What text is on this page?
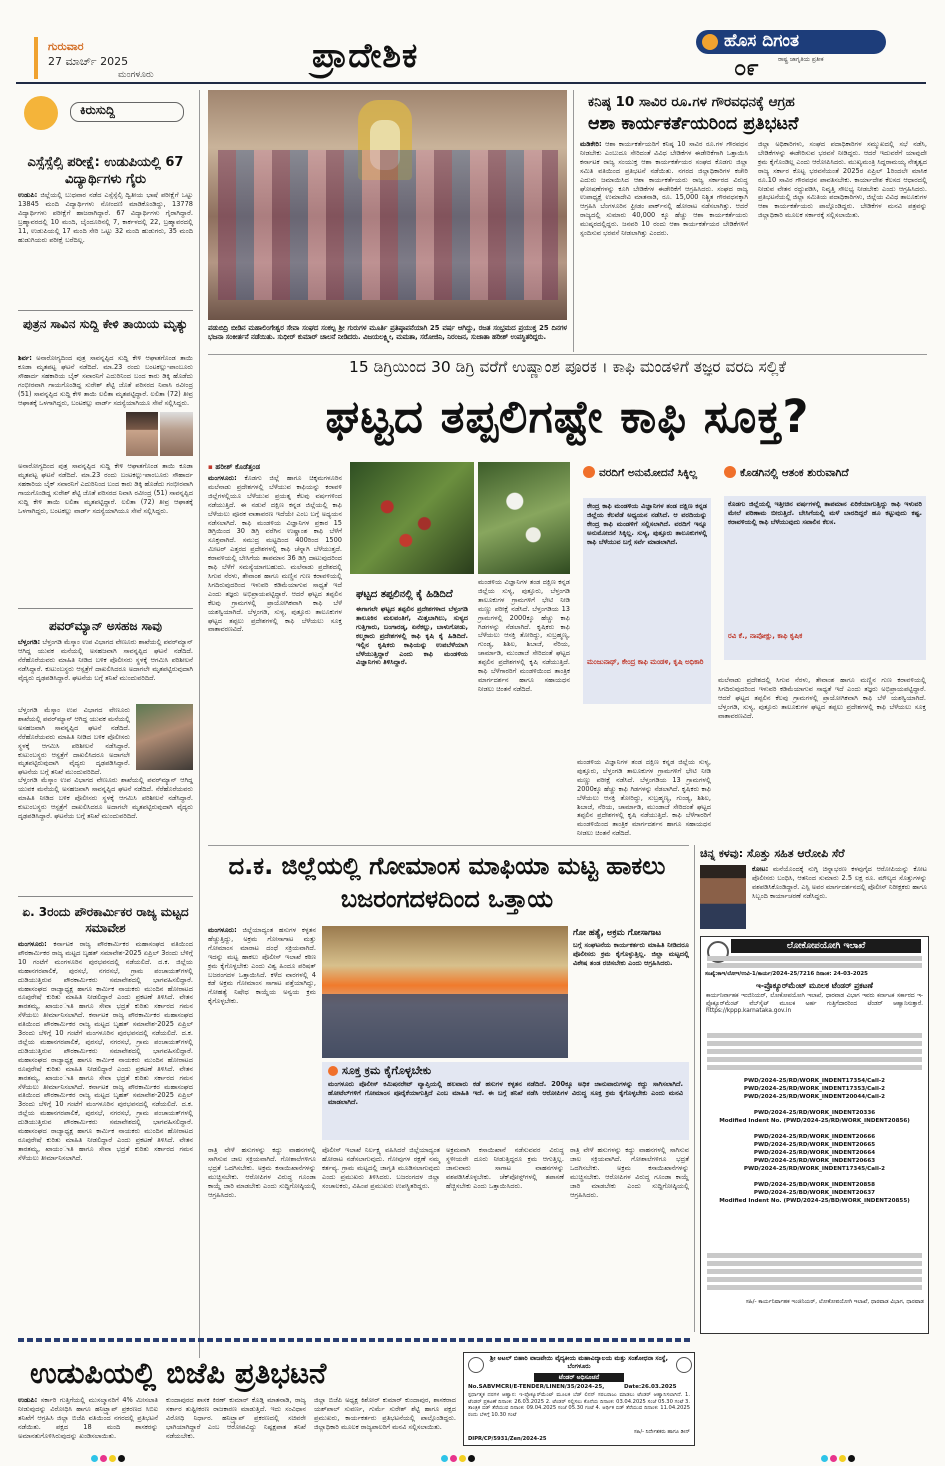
ಗುರುವಾರ
27 ಮಾರ್ಚ್ 2025
ಮಂಗಳೂರು	ಪ್ರಾದೇಶಿಕ	ಹೊಸ ದಿಗಂತ
ರಾಷ್ಟ್ರ ಜಾಗೃತಿಯ ಪ್ರತೀಕ
೦೯
ಕಿರುಸುದ್ದಿ
ಎಸ್ಸೆಸ್ಸೆಲ್ಸಿ ಪರೀಕ್ಷೆ: ಉಡುಪಿಯಲ್ಲಿ 67 ವಿದ್ಯಾರ್ಥಿಗಳು ಗೈರು

ಉಡುಪಿ: ಜಿಲ್ಲೆಯಲ್ಲಿ ಬುಧವಾರ ನಡೆದ ಎಸ್ಸೆಸ್ಸೆಲ್ಸಿ ದ್ವಿತೀಯ ಭಾಷೆ ಪರೀಕ್ಷೆಗೆ ಒಟ್ಟು 13845 ಮಂದಿ ವಿದ್ಯಾರ್ಥಿಗಳು ನೋಂದಣಿ ಮಾಡಿಕೊಂಡಿದ್ದು, 13778 ವಿದ್ಯಾರ್ಥಿಗಳು ಪರೀಕ್ಷೆಗೆ ಹಾಜರಾಗಿದ್ದಾರೆ. 67 ವಿದ್ಯಾರ್ಥಿಗಳು ಗೈರಾಗಿದ್ದಾರೆ. ಬ್ರಹ್ಮಾವರದಲ್ಲಿ 10 ಮಂದಿ, ಬೈಂದೂರಿನಲ್ಲಿ 7, ಕಾರ್ಕಳದಲ್ಲಿ 22, ಬ್ರಹ್ಮಾವರದಲ್ಲಿ 11, ಉಡುಪಿಯಲ್ಲಿ 17 ಮಂದಿ ಸೇರಿ ಒಟ್ಟು 32 ಮಂದಿ ಹುಡುಗರು, 35 ಮಂದಿ ಹುಡುಗಿಯರು ಪರೀಕ್ಷೆ ಬರೆದಿಲ್ಲ.

ಪುತ್ರನ ಸಾವಿನ ಸುದ್ದಿ ಕೇಳಿ ತಾಯಿಯ ಮೃತ್ಯು

ಶಿರ್ವ: ಅನಾರೋಗ್ಯದಿಂದ ಪುತ್ರ ಸಾವನ್ನಪ್ಪಿದ ಸುದ್ದಿ ಕೇಳಿ ಆಘಾತಗೊಂಡ ತಾಯಿ ಕೂಡಾ ಮೃತಪಟ್ಟ ಘಟನೆ ನಡೆದಿದೆ. ಮಾ.23 ರಂದು ಬಂಟಕಲ್ಲು-ಪಾಂಬೂರು ಸೌಹಾರ್ದ ಸಹಕಾರಿಯ ಬೈಕ್ ಸವಾರನಿಗೆ ಎದುರಿನಿಂದ ಬಂದ ಕಾರು ಡಿಕ್ಕಿ ಹೊಡೆದು ಗಂಭೀರವಾಗಿ ಗಾಯಗೊಂಡಿದ್ದ ಸುರೇಶ್ ಶೆಟ್ಟಿ ಜೊತೆ ಪರಿಸರದ ನಿವಾಸಿ ರವೀಂದ್ರ (51) ಸಾವನ್ನಪ್ಪಿದ ಸುದ್ದಿ ಕೇಳಿ ತಾಯಿ ಲಲಿತಾ ಮೃತಪಟ್ಟಿದ್ದಾರೆ. ಲಲಿತಾ (72) ತೀವ್ರ ಆಘಾತಕ್ಕೆ ಒಳಗಾಗಿದ್ದರು, ಬಂಟಕಲ್ಲು ವಾರ್ಡ್ ಸದಸ್ಯೆಯಾಗಿಯೂ ಸೇವೆ ಸಲ್ಲಿಸಿದ್ದರು.

ಅನಾರೋಗ್ಯದಿಂದ ಪುತ್ರ ಸಾವನ್ನಪ್ಪಿದ ಸುದ್ದಿ ಕೇಳಿ ಆಘಾತಗೊಂಡ ತಾಯಿ ಕೂಡಾ ಮೃತಪಟ್ಟ ಘಟನೆ ನಡೆದಿದೆ. ಮಾ.23 ರಂದು ಬಂಟಕಲ್ಲು-ಪಾಂಬೂರು ಸೌಹಾರ್ದ ಸಹಕಾರಿಯ ಬೈಕ್ ಸವಾರನಿಗೆ ಎದುರಿನಿಂದ ಬಂದ ಕಾರು ಡಿಕ್ಕಿ ಹೊಡೆದು ಗಂಭೀರವಾಗಿ ಗಾಯಗೊಂಡಿದ್ದ ಸುರೇಶ್ ಶೆಟ್ಟಿ ಜೊತೆ ಪರಿಸರದ ನಿವಾಸಿ ರವೀಂದ್ರ (51) ಸಾವನ್ನಪ್ಪಿದ ಸುದ್ದಿ ಕೇಳಿ ತಾಯಿ ಲಲಿತಾ ಮೃತಪಟ್ಟಿದ್ದಾರೆ. ಲಲಿತಾ (72) ತೀವ್ರ ಆಘಾತಕ್ಕೆ ಒಳಗಾಗಿದ್ದರು, ಬಂಟಕಲ್ಲು ವಾರ್ಡ್ ಸದಸ್ಯೆಯಾಗಿಯೂ ಸೇವೆ ಸಲ್ಲಿಸಿದ್ದರು.

ಪವರ್‌ಮ್ಯಾನ್ ಅಸಹಜ ಸಾವು

ಬೆಳ್ತಂಗಡಿ: ಬೆಳ್ತಂಗಡಿ ಮೆಸ್ಕಾಂ ಉಪ ವಿಭಾಗದ ವೇಣೂರು ಶಾಖೆಯಲ್ಲಿ ಪವರ್‌ಮ್ಯಾನ್ ಆಗಿದ್ದ ಯುವಕ ಮನೆಯಲ್ಲಿ ಅಸಹಜವಾಗಿ ಸಾವನ್ನಪ್ಪಿದ ಘಟನೆ ನಡೆದಿದೆ. ನೆರೆಹೊರೆಯವರು ಮಾಹಿತಿ ನೀಡಿದ ಬಳಿಕ ಪೊಲೀಸರು ಸ್ಥಳಕ್ಕೆ ಆಗಮಿಸಿ ಪರಿಶೀಲನೆ ನಡೆಸಿದ್ದಾರೆ. ಕುಟುಂಬಸ್ಥರು ಆಸ್ಪತ್ರೆಗೆ ದಾಖಲಿಸಿದರೂ ಅದಾಗಲೇ ಮೃತಪಟ್ಟಿರುವುದಾಗಿ ವೈದ್ಯರು ದೃಢಪಡಿಸಿದ್ದಾರೆ. ಘಟನೆಯ ಬಗ್ಗೆ ತನಿಖೆ ಮುಂದುವರಿದಿದೆ.

ಬೆಳ್ತಂಗಡಿ ಮೆಸ್ಕಾಂ ಉಪ ವಿಭಾಗದ ವೇಣೂರು ಶಾಖೆಯಲ್ಲಿ ಪವರ್‌ಮ್ಯಾನ್ ಆಗಿದ್ದ ಯುವಕ ಮನೆಯಲ್ಲಿ ಅಸಹಜವಾಗಿ ಸಾವನ್ನಪ್ಪಿದ ಘಟನೆ ನಡೆದಿದೆ. ನೆರೆಹೊರೆಯವರು ಮಾಹಿತಿ ನೀಡಿದ ಬಳಿಕ ಪೊಲೀಸರು ಸ್ಥಳಕ್ಕೆ ಆಗಮಿಸಿ ಪರಿಶೀಲನೆ ನಡೆಸಿದ್ದಾರೆ. ಕುಟುಂಬಸ್ಥರು ಆಸ್ಪತ್ರೆಗೆ ದಾಖಲಿಸಿದರೂ ಅದಾಗಲೇ ಮೃತಪಟ್ಟಿರುವುದಾಗಿ ವೈದ್ಯರು ದೃಢಪಡಿಸಿದ್ದಾರೆ. ಘಟನೆಯ ಬಗ್ಗೆ ತನಿಖೆ ಮುಂದುವರಿದಿದೆ.

ಬೆಳ್ತಂಗಡಿ ಮೆಸ್ಕಾಂ ಉಪ ವಿಭಾಗದ ವೇಣೂರು ಶಾಖೆಯಲ್ಲಿ ಪವರ್‌ಮ್ಯಾನ್ ಆಗಿದ್ದ ಯುವಕ ಮನೆಯಲ್ಲಿ ಅಸಹಜವಾಗಿ ಸಾವನ್ನಪ್ಪಿದ ಘಟನೆ ನಡೆದಿದೆ. ನೆರೆಹೊರೆಯವರು ಮಾಹಿತಿ ನೀಡಿದ ಬಳಿಕ ಪೊಲೀಸರು ಸ್ಥಳಕ್ಕೆ ಆಗಮಿಸಿ ಪರಿಶೀಲನೆ ನಡೆಸಿದ್ದಾರೆ. ಕುಟುಂಬಸ್ಥರು ಆಸ್ಪತ್ರೆಗೆ ದಾಖಲಿಸಿದರೂ ಅದಾಗಲೇ ಮೃತಪಟ್ಟಿರುವುದಾಗಿ ವೈದ್ಯರು ದೃಢಪಡಿಸಿದ್ದಾರೆ. ಘಟನೆಯ ಬಗ್ಗೆ ತನಿಖೆ ಮುಂದುವರಿದಿದೆ.

ಏ. 3ರಂದು ಪೌರಕಾರ್ಮಿಕರ ರಾಜ್ಯ ಮಟ್ಟದ ಸಮಾವೇಶ

ಮಂಗಳೂರು: ಕರ್ನಾಟಕ ರಾಜ್ಯ ಪೌರಕಾರ್ಮಿಕರ ಮಹಾಸಂಘದ ವತಿಯಿಂದ ಪೌರಕಾರ್ಮಿಕರ ರಾಜ್ಯ ಮಟ್ಟದ ಬೃಹತ್ ಸಮಾವೇಶ-2025 ಏಪ್ರಿಲ್ 3ರಂದು ಬೆಳಿಗ್ಗೆ 10 ಗಂಟೆಗೆ ಮಂಗಳೂರಿನ ಪುರಭವನದಲ್ಲಿ ನಡೆಯಲಿದೆ. ದ.ಕ. ಜಿಲ್ಲೆಯ ಮಹಾನಗರಪಾಲಿಕೆ, ಪುರಸಭೆ, ನಗರಸಭೆ, ಗ್ರಾಮ ಪಂಚಾಯತ್‌ಗಳಲ್ಲಿ ದುಡಿಯುತ್ತಿರುವ ಪೌರಕಾರ್ಮಿಕರು ಸಮಾವೇಶದಲ್ಲಿ ಭಾಗವಹಿಸಲಿದ್ದಾರೆ. ಮಹಾಸಂಘದ ರಾಜ್ಯಾಧ್ಯಕ್ಷ ಹಾಗೂ ಕಾರ್ಮಿಕ ನಾಯಕರು ಮುಂದಿನ ಹೋರಾಟದ ರೂಪುರೇಷೆ ಕುರಿತು ಮಾಹಿತಿ ನೀಡಲಿದ್ದಾರೆ ಎಂದು ಪ್ರಕಟಣೆ ತಿಳಿಸಿದೆ. ವೇತನ ತಾರತಮ್ಯ, ಖಾಯಂಾತಿ ಹಾಗೂ ಸೇವಾ ಭದ್ರತೆ ಕುರಿತು ಸರ್ಕಾರದ ಗಮನ ಸೆಳೆಯಲು ತೀರ್ಮಾನಿಸಲಾಗಿದೆ. ಕರ್ನಾಟಕ ರಾಜ್ಯ ಪೌರಕಾರ್ಮಿಕರ ಮಹಾಸಂಘದ ವತಿಯಿಂದ ಪೌರಕಾರ್ಮಿಕರ ರಾಜ್ಯ ಮಟ್ಟದ ಬೃಹತ್ ಸಮಾವೇಶ-2025 ಏಪ್ರಿಲ್ 3ರಂದು ಬೆಳಿಗ್ಗೆ 10 ಗಂಟೆಗೆ ಮಂಗಳೂರಿನ ಪುರಭವನದಲ್ಲಿ ನಡೆಯಲಿದೆ. ದ.ಕ. ಜಿಲ್ಲೆಯ ಮಹಾನಗರಪಾಲಿಕೆ, ಪುರಸಭೆ, ನಗರಸಭೆ, ಗ್ರಾಮ ಪಂಚಾಯತ್‌ಗಳಲ್ಲಿ ದುಡಿಯುತ್ತಿರುವ ಪೌರಕಾರ್ಮಿಕರು ಸಮಾವೇಶದಲ್ಲಿ ಭಾಗವಹಿಸಲಿದ್ದಾರೆ. ಮಹಾಸಂಘದ ರಾಜ್ಯಾಧ್ಯಕ್ಷ ಹಾಗೂ ಕಾರ್ಮಿಕ ನಾಯಕರು ಮುಂದಿನ ಹೋರಾಟದ ರೂಪುರೇಷೆ ಕುರಿತು ಮಾಹಿತಿ ನೀಡಲಿದ್ದಾರೆ ಎಂದು ಪ್ರಕಟಣೆ ತಿಳಿಸಿದೆ. ವೇತನ ತಾರತಮ್ಯ, ಖಾಯಂಾತಿ ಹಾಗೂ ಸೇವಾ ಭದ್ರತೆ ಕುರಿತು ಸರ್ಕಾರದ ಗಮನ ಸೆಳೆಯಲು ತೀರ್ಮಾನಿಸಲಾಗಿದೆ. ಕರ್ನಾಟಕ ರಾಜ್ಯ ಪೌರಕಾರ್ಮಿಕರ ಮಹಾಸಂಘದ ವತಿಯಿಂದ ಪೌರಕಾರ್ಮಿಕರ ರಾಜ್ಯ ಮಟ್ಟದ ಬೃಹತ್ ಸಮಾವೇಶ-2025 ಏಪ್ರಿಲ್ 3ರಂದು ಬೆಳಿಗ್ಗೆ 10 ಗಂಟೆಗೆ ಮಂಗಳೂರಿನ ಪುರಭವನದಲ್ಲಿ ನಡೆಯಲಿದೆ. ದ.ಕ. ಜಿಲ್ಲೆಯ ಮಹಾನಗರಪಾಲಿಕೆ, ಪುರಸಭೆ, ನಗರಸಭೆ, ಗ್ರಾಮ ಪಂಚಾಯತ್‌ಗಳಲ್ಲಿ ದುಡಿಯುತ್ತಿರುವ ಪೌರಕಾರ್ಮಿಕರು ಸಮಾವೇಶದಲ್ಲಿ ಭಾಗವಹಿಸಲಿದ್ದಾರೆ. ಮಹಾಸಂಘದ ರಾಜ್ಯಾಧ್ಯಕ್ಷ ಹಾಗೂ ಕಾರ್ಮಿಕ ನಾಯಕರು ಮುಂದಿನ ಹೋರಾಟದ ರೂಪುರೇಷೆ ಕುರಿತು ಮಾಹಿತಿ ನೀಡಲಿದ್ದಾರೆ ಎಂದು ಪ್ರಕಟಣೆ ತಿಳಿಸಿದೆ. ವೇತನ ತಾರತಮ್ಯ, ಖಾಯಂಾತಿ ಹಾಗೂ ಸೇವಾ ಭದ್ರತೆ ಕುರಿತು ಸರ್ಕಾರದ ಗಮನ ಸೆಳೆಯಲು ತೀರ್ಮಾನಿಸಲಾಗಿದೆ.

ಪಡುಬಿದ್ರಿ ಬೀಡಿನ ಮಹಾಲಿಂಗೇಶ್ವರ ಸೇವಾ ಸಂಘದ ಸಂಕಲ್ಪ ಶ್ರೀ ಗುರುಗಳ ಮೂರ್ತಿ ಪ್ರತಿಷ್ಠಾಪನೆಯಾಗಿ 25 ವರ್ಷ ಆಗಿದ್ದು, ರಜತ ಸಂಭ್ರಮದ ಪ್ರಯುಕ್ತ 25 ದಿನಗಳ ಭಜನಾ ಸಂಕೀರ್ತನೆ ನಡೆಯಿತು. ಸುಧೀರ್ ಕುಮಾರ್ ಚಾಲನೆ ನೀಡಿದರು. ವಿಜಯಲಕ್ಷ್ಮೀ, ಮಮತಾ, ಸರೋಜಿನಿ, ನಿರಂಜನ, ಸುಜಾತಾ ಹರೀಶ್ ಉಪಸ್ಥಿತರಿದ್ದರು.
ಕನಿಷ್ಠ 10 ಸಾವಿರ ರೂ.ಗಳ ಗೌರವಧನಕ್ಕೆ ಆಗ್ರಹ
ಆಶಾ ಕಾರ್ಯಕರ್ತೆಯರಿಂದ ಪ್ರತಿಭಟನೆ

ಮಡಿಕೇರಿ: ಆಶಾ ಕಾರ್ಯಕರ್ತೆಯರಿಗೆ ಕನಿಷ್ಠ 10 ಸಾವಿರ ರೂ.ಗಳ ಗೌರವಧನ ನೀಡಬೇಕು ಎಂಬುದೂ ಸೇರಿದಂತೆ ವಿವಿಧ ಬೇಡಿಕೆಗಳ ಈಡೇರಿಕೆಗಾಗಿ ಒತ್ತಾಯಿಸಿ ಕರ್ನಾಟಕ ರಾಜ್ಯ ಸಂಯುಕ್ತ ಆಶಾ ಕಾರ್ಯಕರ್ತೆಯರ ಸಂಘದ ಕೊಡಗು ಜಿಲ್ಲಾ ಸಮಿತಿ ವತಿಯಿಂದ ಪ್ರತಿಭಟನೆ ನಡೆಯಿತು. ನಗರದ ಜಿಲ್ಲಾಧಿಕಾರಿಗಳ ಕಚೇರಿ ಎದುರು ಜಮಾಯಿಸಿದ ಆಶಾ ಕಾರ್ಯಕರ್ತೆಯರು ರಾಜ್ಯ ಸರ್ಕಾರದ ವಿರುದ್ಧ ಘೋಷಣೆಗಳನ್ನು ಕೂಗಿ ಬೇಡಿಕೆಗಳ ಈಡೇರಿಕೆಗೆ ಆಗ್ರಹಿಸಿದರು. ಸಂಘದ ರಾಜ್ಯ ಉಪಾಧ್ಯಕ್ಷೆ ಉಮಾದೇವಿ ಮಾತನಾಡಿ, ರೂ. 15,000 ನಿಶ್ಚಿತ ಗೌರವಧನಕ್ಕಾಗಿ ಆಗ್ರಹಿಸಿ ಬೆಂಗಳೂರಿನ ಫ್ರೀಡಂ ಪಾರ್ಕ್‌ನಲ್ಲಿ ಹೋರಾಟ ನಡೆಸಲಾಗಿತ್ತು. ಆದರೆ ರಾಜ್ಯದಲ್ಲಿ ಸುಮಾರು 40,000 ಕ್ಕೂ ಹೆಚ್ಚು ಆಶಾ ಕಾರ್ಯಕರ್ತೆಯರು ಮುಷ್ಕರದಲ್ಲಿದ್ದರು. ಜನವರಿ 10 ರಂದು ಆಶಾ ಕಾರ್ಯಕರ್ತೆಯರ ಬೇಡಿಕೆಗಳಿಗೆ ಸ್ಪಂದಿಸುವ ಭರವಸೆ ನೀಡಲಾಗಿತ್ತು ಎಂದರು.

ಜಿಲ್ಲಾ ಅಧಿಕಾರಿಗಳು, ಸಂಘದ ಪದಾಧಿಕಾರಿಗಳ ಸಮ್ಮುಖದಲ್ಲಿ ಸಭೆ ನಡೆಸಿ, ಬೇಡಿಕೆಗಳನ್ನು ಈಡೇರಿಸುವ ಭರವಸೆ ನೀಡಿದ್ದರು. ಆದರೆ ಇದುವರೆಗೆ ಯಾವುದೇ ಕ್ರಮ ಕೈಗೊಂಡಿಲ್ಲ ಎಂದು ಆರೋಪಿಸಿದರು. ಮುಖ್ಯಮಂತ್ರಿ ಸಿದ್ದರಾಮಯ್ಯ ನೇತೃತ್ವದ ರಾಜ್ಯ ಸರ್ಕಾರ ಕೊಟ್ಟ ಭರವಸೆಯಂತೆ 2025ರ ಏಪ್ರಿಲ್ 1ರಿಂದಲೇ ಮಾಸಿಕ ರೂ.10 ಸಾವಿರ ಗೌರವಧನ ಪಾವತಿಸಬೇಕು. ಕಾರ್ಯಾದೇಶ ಕೆಲಸದ ಆಧಾರದಲ್ಲಿ ನೀಡುವ ವೇತನ ರದ್ದುಪಡಿಸಿ, ನಿವೃತ್ತಿ ಸೌಲಭ್ಯ ನೀಡಬೇಕು ಎಂದು ಆಗ್ರಹಿಸಿದರು. ಪ್ರತಿಭಟನೆಯಲ್ಲಿ ಜಿಲ್ಲಾ ಸಮಿತಿಯ ಪದಾಧಿಕಾರಿಗಳು, ಜಿಲ್ಲೆಯ ವಿವಿಧ ತಾಲೂಕುಗಳ ಆಶಾ ಕಾರ್ಯಕರ್ತೆಯರು ಪಾಲ್ಗೊಂಡಿದ್ದರು. ಬೇಡಿಕೆಗಳ ಮನವಿ ಪತ್ರವನ್ನು ಜಿಲ್ಲಾಧಿಕಾರಿ ಮೂಲಕ ಸರ್ಕಾರಕ್ಕೆ ಸಲ್ಲಿಸಲಾಯಿತು.

15 ಡಿಗ್ರಿಯಿಂದ 30 ಡಿಗ್ರಿ ವರೆಗೆ ಉಷ್ಣಾಂಶ ಪೂರಕ । ಕಾಫಿ ಮಂಡಳಿಗೆ ತಜ್ಞರ ವರದಿ ಸಲ್ಲಿಕೆ
ಘಟ್ಟದ ತಪ್ಪಲಿಗಷ್ಟೇ ಕಾಫಿ ಸೂಕ್ತ?
▪ ಹರೀಶ್ ಕೊಡೆತ್ತಂಡ

ಮಂಗಳೂರು: ಕೊಡಗು ಜಿಲ್ಲೆ ಹಾಗೂ ಚಿಕ್ಕಮಗಳೂರಿನ ಮಲೆನಾಡು ಪ್ರದೇಶಗಳಲ್ಲಿ ಬೆಳೆಯುವ ಕಾಫಿಯನ್ನು ಕರಾವಳಿ ಜಿಲ್ಲೆಗಳಲ್ಲಿಯೂ ಬೆಳೆಯುವ ಪ್ರಯತ್ನ ಕೆಲವು ವರ್ಷಗಳಿಂದ ನಡೆಯುತ್ತಿದೆ. ಈ ನಡುವೆ ದಕ್ಷಿಣ ಕನ್ನಡ ಜಿಲ್ಲೆಯಲ್ಲಿ ಕಾಫಿ ಬೆಳೆಯಲು ಪೂರಕ ವಾತಾವರಣ ಇದೆಯೇ ಎಂಬ ಬಗ್ಗೆ ಅಧ್ಯಯನ ನಡೆಸಲಾಗಿದೆ. ಕಾಫಿ ಮಂಡಳಿಯ ವಿಜ್ಞಾನಿಗಳ ಪ್ರಕಾರ 15 ಡಿಗ್ರಿಯಿಂದ 30 ಡಿಗ್ರಿ ವರೆಗಿನ ಉಷ್ಣಾಂಶ ಕಾಫಿ ಬೆಳೆಗೆ ಸೂಕ್ತವಾಗಿದೆ. ಸಮುದ್ರ ಮಟ್ಟದಿಂದ 400ರಿಂದ 1500 ಮೀಟರ್ ಎತ್ತರದ ಪ್ರದೇಶಗಳಲ್ಲಿ ಕಾಫಿ ಚೆನ್ನಾಗಿ ಬೆಳೆಯುತ್ತದೆ. ಕರಾವಳಿಯಲ್ಲಿ ಬೇಸಿಗೆಯ ತಾಪಮಾನ 36 ಡಿಗ್ರಿ ದಾಟುವುದರಿಂದ ಕಾಫಿ ಬೆಳೆಗೆ ಸಮಸ್ಯೆಯಾಗಬಹುದು. ಮಲೆನಾಡು ಪ್ರದೇಶದಲ್ಲಿ ಸಿಗುವ ನೆರಳು, ತೇವಾಂಶ ಹಾಗೂ ಮಣ್ಣಿನ ಗುಣ ಕರಾವಳಿಯಲ್ಲಿ ಸಿಗದಿರುವುದರಿಂದ ಇಳುವರಿ ಕಡಿಮೆಯಾಗುವ ಸಾಧ್ಯತೆ ಇದೆ ಎಂದು ತಜ್ಞರು ಅಭಿಪ್ರಾಯಪಟ್ಟಿದ್ದಾರೆ. ಆದರೆ ಘಟ್ಟದ ತಪ್ಪಲಿನ ಕೆಲವು ಗ್ರಾಮಗಳಲ್ಲಿ ಪ್ರಾಯೋಗಿಕವಾಗಿ ಕಾಫಿ ಬೆಳೆ ಯಶಸ್ವಿಯಾಗಿದೆ. ಬೆಳ್ತಂಗಡಿ, ಸುಳ್ಯ, ಪುತ್ತೂರು ತಾಲೂಕುಗಳ ಘಟ್ಟದ ತಪ್ಪಲು ಪ್ರದೇಶಗಳಲ್ಲಿ ಕಾಫಿ ಬೆಳೆಯಲು ಸೂಕ್ತ ವಾತಾವರಣವಿದೆ.

ಘಟ್ಟದ ತಪ್ಪಲಿನಲ್ಲಿ ಕೈ ಹಿಡಿದಿದೆ

ಈಗಾಗಲೇ ಘಟ್ಟದ ತಪ್ಪಲಿನ ಪ್ರದೇಶಗಳಾದ ಬೆಳ್ತಂಗಡಿ ತಾಲೂಕಿನ ಮಲವಂತಿಗೆ, ಮಿತ್ತಬಾಗಿಲು, ಸುಳ್ಯದ ಗುತ್ತಿಗಾರು, ಬಂಗಾರಡ್ಕ, ಏನೆಕಲ್ಲು, ಬಾಳುಗೋಡು, ಕಲ್ಮಕಾರು ಪ್ರದೇಶಗಳಲ್ಲಿ ಕಾಫಿ ಕೃಷಿ ಕೈ ಹಿಡಿದಿದೆ. ಇಲ್ಲಿನ ಕೃಷಿಕರು ಕಾಫಿಯನ್ನು ಉಪಬೆಳೆಯಾಗಿ ಬೆಳೆಯುತ್ತಿದ್ದಾರೆ ಎಂದು ಕಾಫಿ ಮಂಡಳಿಯ ವಿಜ್ಞಾನಿಗಳು ತಿಳಿಸಿದ್ದಾರೆ.

ಮಂಡಳಿಯ ವಿಜ್ಞಾನಿಗಳ ತಂಡ ದಕ್ಷಿಣ ಕನ್ನಡ ಜಿಲ್ಲೆಯ ಸುಳ್ಯ, ಪುತ್ತೂರು, ಬೆಳ್ತಂಗಡಿ ತಾಲೂಕುಗಳ ಗ್ರಾಮಗಳಿಗೆ ಭೇಟಿ ನೀಡಿ ಮಣ್ಣು ಪರೀಕ್ಷೆ ನಡೆಸಿದೆ. ಬೆಳ್ತಂಗಡಿಯ 13 ಗ್ರಾಮಗಳಲ್ಲಿ 2000ಕ್ಕೂ ಹೆಚ್ಚು ಕಾಫಿ ಗಿಡಗಳನ್ನು ನೆಡಲಾಗಿದೆ. ಕೃಷಿಕರು ಕಾಫಿ ಬೆಳೆಯಲು ಆಸಕ್ತಿ ತೋರಿದ್ದು, ಸುಬ್ರಹ್ಮಣ್ಯ, ಗುಂಡ್ಯ, ಶಿಶಿಲ, ಶಿಬಾಜೆ, ನೆರಿಯ, ಚಾರ್ಮಾಡಿ, ಮುಂಡಾಜೆ ಸೇರಿದಂತೆ ಘಟ್ಟದ ತಪ್ಪಲಿನ ಪ್ರದೇಶಗಳಲ್ಲಿ ಕೃಷಿ ನಡೆಯುತ್ತಿದೆ. ಕಾಫಿ ಬೆಳೆಗಾರರಿಗೆ ಮಂಡಳಿಯಿಂದ ತಾಂತ್ರಿಕ ಮಾರ್ಗದರ್ಶನ ಹಾಗೂ ಸಹಾಯಧನ ನೀಡಲು ಚಿಂತನೆ ನಡೆದಿದೆ.

ವರದಿಗೆ ಅನುಮೋದನೆ ಸಿಕ್ಕಿಲ್ಲ

ಕೇಂದ್ರ ಕಾಫಿ ಮಂಡಳಿಯ ವಿಜ್ಞಾನಿಗಳ ತಂಡ ದಕ್ಷಿಣ ಕನ್ನಡ ಜಿಲ್ಲೆಯ ಕೆಲವೆಡೆ ಅಧ್ಯಯನ ನಡೆಸಿದೆ. ಆ ವರದಿಯನ್ನು ಕೇಂದ್ರ ಕಾಫಿ ಮಂಡಳಿಗೆ ಸಲ್ಲಿಸಲಾಗಿದೆ. ವರದಿಗೆ ಇನ್ನೂ ಅನುಮೋದನೆ ಸಿಕ್ಕಿಲ್ಲ. ಸುಳ್ಯ, ಪುತ್ತೂರು ತಾಲೂಕುಗಳಲ್ಲಿ ಕಾಫಿ ಬೆಳೆಯುವ ಬಗ್ಗೆ ಸರ್ವೆ ಮಾಡಲಾಗಿದೆ.

ಮಂಜುನಾಥ್, ಕೇಂದ್ರ ಕಾಫಿ ಮಂಡಳಿ, ಕೃಷಿ ಅಧಿಕಾರಿ

ಮಂಡಳಿಯ ವಿಜ್ಞಾನಿಗಳ ತಂಡ ದಕ್ಷಿಣ ಕನ್ನಡ ಜಿಲ್ಲೆಯ ಸುಳ್ಯ, ಪುತ್ತೂರು, ಬೆಳ್ತಂಗಡಿ ತಾಲೂಕುಗಳ ಗ್ರಾಮಗಳಿಗೆ ಭೇಟಿ ನೀಡಿ ಮಣ್ಣು ಪರೀಕ್ಷೆ ನಡೆಸಿದೆ. ಬೆಳ್ತಂಗಡಿಯ 13 ಗ್ರಾಮಗಳಲ್ಲಿ 2000ಕ್ಕೂ ಹೆಚ್ಚು ಕಾಫಿ ಗಿಡಗಳನ್ನು ನೆಡಲಾಗಿದೆ. ಕೃಷಿಕರು ಕಾಫಿ ಬೆಳೆಯಲು ಆಸಕ್ತಿ ತೋರಿದ್ದು, ಸುಬ್ರಹ್ಮಣ್ಯ, ಗುಂಡ್ಯ, ಶಿಶಿಲ, ಶಿಬಾಜೆ, ನೆರಿಯ, ಚಾರ್ಮಾಡಿ, ಮುಂಡಾಜೆ ಸೇರಿದಂತೆ ಘಟ್ಟದ ತಪ್ಪಲಿನ ಪ್ರದೇಶಗಳಲ್ಲಿ ಕೃಷಿ ನಡೆಯುತ್ತಿದೆ. ಕಾಫಿ ಬೆಳೆಗಾರರಿಗೆ ಮಂಡಳಿಯಿಂದ ತಾಂತ್ರಿಕ ಮಾರ್ಗದರ್ಶನ ಹಾಗೂ ಸಹಾಯಧನ ನೀಡಲು ಚಿಂತನೆ ನಡೆದಿದೆ.

ಕೊಡಗಿನಲ್ಲಿ ಆತಂಕ ಶುರುವಾಗಿದೆ

ಕೊಡಗು ಜಿಲ್ಲೆಯಲ್ಲಿ ಇತ್ತೀಚಿನ ವರ್ಷಗಳಲ್ಲಿ ತಾಪಮಾನ ಏರಿಕೆಯಾಗುತ್ತಿದ್ದು ಕಾಫಿ ಇಳುವರಿ ಮೇಲೆ ಪರಿಣಾಮ ಬೀರುತ್ತಿದೆ. ಬೇಸಿಗೆಯಲ್ಲಿ ಮಳೆ ಬಾರದಿದ್ದರೆ ಹೂ ಕಟ್ಟುವುದು ಕಷ್ಟ. ಕರಾವಳಿಯಲ್ಲಿ ಕಾಫಿ ಬೆಳೆಯುವುದು ಸವಾಲಿನ ಕೆಲಸ.

ರವಿ ಕೆ., ನಾಪೋಕ್ಲು, ಕಾಫಿ ಕೃಷಿಕ

ಮಲೆನಾಡು ಪ್ರದೇಶದಲ್ಲಿ ಸಿಗುವ ನೆರಳು, ತೇವಾಂಶ ಹಾಗೂ ಮಣ್ಣಿನ ಗುಣ ಕರಾವಳಿಯಲ್ಲಿ ಸಿಗದಿರುವುದರಿಂದ ಇಳುವರಿ ಕಡಿಮೆಯಾಗುವ ಸಾಧ್ಯತೆ ಇದೆ ಎಂದು ತಜ್ಞರು ಅಭಿಪ್ರಾಯಪಟ್ಟಿದ್ದಾರೆ. ಆದರೆ ಘಟ್ಟದ ತಪ್ಪಲಿನ ಕೆಲವು ಗ್ರಾಮಗಳಲ್ಲಿ ಪ್ರಾಯೋಗಿಕವಾಗಿ ಕಾಫಿ ಬೆಳೆ ಯಶಸ್ವಿಯಾಗಿದೆ. ಬೆಳ್ತಂಗಡಿ, ಸುಳ್ಯ, ಪುತ್ತೂರು ತಾಲೂಕುಗಳ ಘಟ್ಟದ ತಪ್ಪಲು ಪ್ರದೇಶಗಳಲ್ಲಿ ಕಾಫಿ ಬೆಳೆಯಲು ಸೂಕ್ತ ವಾತಾವರಣವಿದೆ.

ದ.ಕ. ಜಿಲ್ಲೆಯಲ್ಲಿ ಗೋಮಾಂಸ ಮಾಫಿಯಾ ಮಟ್ಟ ಹಾಕಲು ಬಜರಂಗದಳದಿಂದ ಒತ್ತಾಯ

ಮಂಗಳೂರು: ಜಿಲ್ಲೆಯಾದ್ಯಂತ ಹಸುಗಳ ಕಳ್ಳತನ ಹೆಚ್ಚುತ್ತಿದ್ದು, ಅಕ್ರಮ ಗೋಸಾಗಾಟ ಮತ್ತು ಗೋಮಾಂಸ ಮಾರಾಟ ದಂಧೆ ಸಕ್ರಿಯವಾಗಿದೆ. ಇದನ್ನು ಮಟ್ಟ ಹಾಕಲು ಪೊಲೀಸ್ ಇಲಾಖೆ ಕಠಿಣ ಕ್ರಮ ಕೈಗೊಳ್ಳಬೇಕು ಎಂದು ವಿಶ್ವ ಹಿಂದೂ ಪರಿಷತ್ ಬಜರಂಗದಳ ಒತ್ತಾಯಿಸಿದೆ. ಕಳೆದ ವಾರಗಳಲ್ಲಿ 4 ಕಡೆ ಅಕ್ರಮ ಗೋಮಾಂಸ ಸಾಗಾಟ ಪತ್ತೆಯಾಗಿದ್ದು, ಗೋಹತ್ಯೆ ನಿಷೇಧ ಕಾಯ್ದೆಯ ಅನ್ವಯ ಕ್ರಮ ಕೈಗೊಳ್ಳಬೇಕು.

ಗೋ ಹತ್ಯೆ, ಅಕ್ರಮ ಗೋಸಾಗಾಟ

ಬಗ್ಗೆ ಸಂಘಟನೆಯ ಕಾರ್ಯಕರ್ತರು ಮಾಹಿತಿ ನೀಡಿದರೂ ಪೊಲೀಸರು ಕ್ರಮ ಕೈಗೊಳ್ಳುತ್ತಿಲ್ಲ. ಜಿಲ್ಲಾ ಮಟ್ಟದಲ್ಲಿ ವಿಶೇಷ ತಂಡ ರಚಿಸಬೇಕು ಎಂದು ಆಗ್ರಹಿಸಿದರು.

ಸೂಕ್ತ ಕ್ರಮ ಕೈಗೊಳ್ಳಬೇಕು

ಮಂಗಳೂರು ಪೊಲೀಸ್ ಕಮಿಷನರೇಟ್ ವ್ಯಾಪ್ತಿಯಲ್ಲಿ ಹಲವಾರು ಕಡೆ ಹಸುಗಳ ಕಳ್ಳತನ ನಡೆದಿದೆ. 200ಕ್ಕೂ ಅಧಿಕ ಜಾನುವಾರುಗಳನ್ನು ಕದ್ದು ಸಾಗಿಸಲಾಗಿದೆ. ಹೋಟೆಲ್‌ಗಳಿಗೆ ಗೋಮಾಂಸ ಪೂರೈಕೆಯಾಗುತ್ತಿದೆ ಎಂಬ ಮಾಹಿತಿ ಇದೆ. ಈ ಬಗ್ಗೆ ತನಿಖೆ ನಡೆಸಿ ಆರೋಪಿಗಳ ವಿರುದ್ಧ ಸೂಕ್ತ ಕ್ರಮ ಕೈಗೊಳ್ಳಬೇಕು ಎಂದು ಮನವಿ ಮಾಡಲಾಗಿದೆ.

ರಾತ್ರಿ ವೇಳೆ ಹಸುಗಳನ್ನು ಕದ್ದು ವಾಹನಗಳಲ್ಲಿ ಸಾಗಿಸುವ ಜಾಲ ಸಕ್ರಿಯವಾಗಿದೆ. ಗೋಶಾಲೆಗಳಿಗೂ ಭದ್ರತೆ ಒದಗಿಸಬೇಕು. ಅಕ್ರಮ ಕಸಾಯಿಖಾನೆಗಳನ್ನು ಮುಚ್ಚಿಸಬೇಕು. ಆರೋಪಿಗಳ ವಿರುದ್ಧ ಗೂಂಡಾ ಕಾಯ್ದೆ ಜಾರಿ ಮಾಡಬೇಕು ಎಂದು ಸುದ್ದಿಗೋಷ್ಠಿಯಲ್ಲಿ ಆಗ್ರಹಿಸಿದರು.

ಪೊಲೀಸ್ ಇಲಾಖೆ ನಿರ್ಲಕ್ಷ್ಯ ವಹಿಸಿದರೆ ಜಿಲ್ಲೆಯಾದ್ಯಂತ ಹೋರಾಟ ನಡೆಸಲಾಗುವುದು. ಗೋವುಗಳ ರಕ್ಷಣೆ ನಮ್ಮ ಕರ್ತವ್ಯ. ಗ್ರಾಮ ಮಟ್ಟದಲ್ಲಿ ಜಾಗೃತಿ ಮೂಡಿಸಲಾಗುವುದು ಎಂದು ಪ್ರಮುಖರು ತಿಳಿಸಿದರು. ಬಜರಂಗದಳ ಜಿಲ್ಲಾ ಸಂಚಾಲಕರು, ವಿಹಿಂಪ ಪ್ರಮುಖರು ಉಪಸ್ಥಿತರಿದ್ದರು.

ಅಕ್ರಮವಾಗಿ ಕಸಾಯಿಖಾನೆ ನಡೆಸುವವರ ವಿರುದ್ಧ ಸ್ಥಳೀಯರೇ ದೂರು ನೀಡುತ್ತಿದ್ದರೂ ಕ್ರಮ ಆಗುತ್ತಿಲ್ಲ. ಜಾನುವಾರು ಸಾಗಾಟ ವಾಹನಗಳನ್ನು ವಶಪಡಿಸಿಕೊಳ್ಳಬೇಕು. ಚೆಕ್‌ಪೋಸ್ಟ್‌ಗಳಲ್ಲಿ ತಪಾಸಣೆ ಹೆಚ್ಚಿಸಬೇಕು ಎಂದು ಒತ್ತಾಯಿಸಿದರು.

ರಾತ್ರಿ ವೇಳೆ ಹಸುಗಳನ್ನು ಕದ್ದು ವಾಹನಗಳಲ್ಲಿ ಸಾಗಿಸುವ ಜಾಲ ಸಕ್ರಿಯವಾಗಿದೆ. ಗೋಶಾಲೆಗಳಿಗೂ ಭದ್ರತೆ ಒದಗಿಸಬೇಕು. ಅಕ್ರಮ ಕಸಾಯಿಖಾನೆಗಳನ್ನು ಮುಚ್ಚಿಸಬೇಕು. ಆರೋಪಿಗಳ ವಿರುದ್ಧ ಗೂಂಡಾ ಕಾಯ್ದೆ ಜಾರಿ ಮಾಡಬೇಕು ಎಂದು ಸುದ್ದಿಗೋಷ್ಠಿಯಲ್ಲಿ ಆಗ್ರಹಿಸಿದರು.

ಚಿನ್ನ ಕಳವು: ಸೊತ್ತು ಸಹಿತ ಆರೋಪಿ ಸೆರೆ

ಕೋಟ: ಮನೆಯೊಂದಕ್ಕೆ ನುಗ್ಗಿ ಚಿನ್ನಾಭರಣ ಕಳವುಗೈದ ಆರೋಪಿಯನ್ನು ಕೋಟ ಪೊಲೀಸರು ಬಂಧಿಸಿ, ಆತನಿಂದ ಸುಮಾರು 2.5 ಲಕ್ಷ ರೂ. ಮೌಲ್ಯದ ಸೊತ್ತುಗಳನ್ನು ವಶಪಡಿಸಿಕೊಂಡಿದ್ದಾರೆ. ಎಸ್ಪಿ ಅವರ ಮಾರ್ಗದರ್ಶನದಲ್ಲಿ ಪೊಲೀಸ್ ನಿರೀಕ್ಷಕರು ಹಾಗೂ ಸಿಬ್ಬಂದಿ ಕಾರ್ಯಾಚರಣೆ ನಡೆಸಿದ್ದರು.

ಲೋಕೋಪಯೋಗಿ ಇಲಾಖೆ
ಸಂಖ್ಯೆ:ಕಾಇ/ಲೋಇ/ಉವಿ-1/ಕಾರ್ಯ/2024-25/7216 ದಿನಾಂಕ: 24-03-2025
ಇ-ಪ್ರೊಕ್ಯೂರ್‌ಮೆಂಟ್ ಮೂಲಕ ಟೆಂಡರ್ ಪ್ರಕಟಣೆ

ಕಾರ್ಯನಿರ್ವಾಹಕ ಇಂಜಿನಿಯರ್, ಲೋಕೋಪಯೋಗಿ ಇಲಾಖೆ, ಧಾರವಾಡ ವಿಭಾಗ ಇವರು ಕರ್ನಾಟಕ ಸರ್ಕಾರದ ಇ-ಪ್ರೊಕ್ಯೂರ್‌ಮೆಂಟ್ ವೆಬ್‌ಸೈಟ್ ಮೂಲಕ ಅರ್ಹ ಗುತ್ತಿಗೆದಾರರಿಂದ ಟೆಂಡರ್ ಆಹ್ವಾನಿಸುತ್ತಾರೆ. https://kppp.karnataka.gov.in

PWD/2024-25/RD/WORK_INDENT17354/Call-2
PWD/2024-25/RD/WORK_INDENT17353/Call-2
PWD/2024-25/RD/WORK_INDENT20044/Call-2
PWD/2024-25/RD/WORK_INDENT20336
Modified Indent No. (PWD/2024-25/RD/WORK_INDENT20856)
PWD/2024-25/RD/WORK_INDENT20666
PWD/2024-25/RD/WORK_INDENT20665
PWD/2024-25/RD/WORK_INDENT20664
PWD/2024-25/RD/WORK_INDENT20663
PWD/2024-25/RD/WORK_INDENT17345/Call-2
PWD/2024-25/BD/WORK_INDENT20858
PWD/2024-25/BD/WORK_INDENT20637
Modified Indent No. (PWD/2024-25/BD/WORK_INDENT20855)
ಸಹಿ/- ಕಾರ್ಯನಿರ್ವಾಹಕ ಇಂಜಿನಿಯರ್, ಲೋಕೋಪಯೋಗಿ ಇಲಾಖೆ, ಧಾರವಾಡ ವಿಭಾಗ, ಧಾರವಾಡ
ಉಡುಪಿಯಲ್ಲಿ ಬಿಜೆಪಿ ಪ್ರತಿಭಟನೆ

ಉಡುಪಿ: ಸರ್ಕಾರಿ ಗುತ್ತಿಗೆಯಲ್ಲಿ ಮುಸಲ್ಮಾನರಿಗೆ 4% ಮೀಸಲಾತಿ ನೀಡುವುದನ್ನು ವಿರೋಧಿಸಿ ಹಾಗೂ ಹನಿಟ್ರ್ಯಾಪ್ ಪ್ರಕರಣದ ಸಿಬಿಐ ತನಿಖೆಗೆ ಆಗ್ರಹಿಸಿ ಜಿಲ್ಲಾ ಬಿಜೆಪಿ ವತಿಯಿಂದ ನಗರದಲ್ಲಿ ಪ್ರತಿಭಟನೆ ನಡೆಯಿತು. ಪಕ್ಷದ 18 ಮಂದಿ ಶಾಸಕರನ್ನು ಅಮಾನತುಗೊಳಿಸಿರುವುದನ್ನು ಖಂಡಿಸಲಾಯಿತು.

ಕುಂದಾಪುರದ ಶಾಸಕ ಕಿರಣ್ ಕುಮಾರ್ ಕೊಡ್ಗಿ ಮಾತನಾಡಿ, ರಾಜ್ಯ ಸರ್ಕಾರ ತುಷ್ಟೀಕರಣ ರಾಜಕಾರಣ ಮಾಡುತ್ತಿದೆ. ಇದು ಸಂವಿಧಾನ ವಿರೋಧಿ ನಿರ್ಧಾರ. ಹನಿಟ್ರ್ಯಾಪ್ ಪ್ರಕರಣದಲ್ಲಿ ಸಚಿವರೇ ಭಾಗಿಯಾಗಿದ್ದಾರೆ ಎಂಬ ಆರೋಪವಿದ್ದು ನಿಷ್ಪಕ್ಷಪಾತ ತನಿಖೆ ನಡೆಯಬೇಕು.

ಜಿಲ್ಲಾ ಬಿಜೆಪಿ ಅಧ್ಯಕ್ಷ ಕಿಶೋರ್ ಕುಮಾರ್ ಕುಂದಾಪುರ, ಶಾಸಕರಾದ ಯಶ್‌ಪಾಲ್ ಸುವರ್ಣ, ಗುರ್ಮೆ ಸುರೇಶ್ ಶೆಟ್ಟಿ ಹಾಗೂ ಪಕ್ಷದ ಪ್ರಮುಖರು, ಕಾರ್ಯಕರ್ತರು ಪ್ರತಿಭಟನೆಯಲ್ಲಿ ಪಾಲ್ಗೊಂಡಿದ್ದರು. ಜಿಲ್ಲಾಧಿಕಾರಿ ಮೂಲಕ ರಾಜ್ಯಪಾಲರಿಗೆ ಮನವಿ ಸಲ್ಲಿಸಲಾಯಿತು.

ಶ್ರೀ ಅಟಲ್ ಬಿಹಾರಿ ವಾಜಪೇಯಿ ವೈದ್ಯಕೀಯ ಮಹಾವಿದ್ಯಾಲಯ ಮತ್ತು ಸಂಶೋಧನಾ ಸಂಸ್ಥೆ, ಬೆಂಗಳೂರು
ಟೆಂಡರ್ ಅಧಿಸೂಚನೆ
No.SABVMCRI/E-TENDER/LINEN/35/2024-25,	Date:26.03.2025

ಸ್ಪರ್ಧಾತ್ಮಕ ದರಗಳ ಆಹ್ವಾನ: ಇ-ಪ್ರೊಕ್ಯೂರ್‌ಮೆಂಟ್ ಮೂಲಕ ಬೆಡ್ ಲಿನನ್ ಸರಬರಾಜು ಮಾಡಲು ಟೆಂಡರ್ ಆಹ್ವಾನಿಸಲಾಗಿದೆ. 1. ಟೆಂಡರ್ ಪ್ರಕಟಣೆ ದಿನಾಂಕ: 26.03.2025 2. ಟೆಂಡರ್ ಸಲ್ಲಿಸಲು ಕೊನೆಯ ದಿನಾಂಕ: 03.04.2025 ಸಂಜೆ 05.30 ಗಂಟೆ 3. ತಾಂತ್ರಿಕ ಬಿಡ್ ತೆರೆಯುವ ದಿನಾಂಕ: 09.04.2025 ಸಂಜೆ 05.30 ಗಂಟೆ 4. ಆರ್ಥಿಕ ಬಿಡ್ ತೆರೆಯುವ ದಿನಾಂಕ: 11.04.2025 ರಂದು ಬೆಳಿಗ್ಗೆ 10.30 ಗಂಟೆ

ಸಹಿ/- ನಿರ್ದೇಶಕರು ಹಾಗೂ ಡೀನ್
DIPR/CP/5931/Zen/2024-25
